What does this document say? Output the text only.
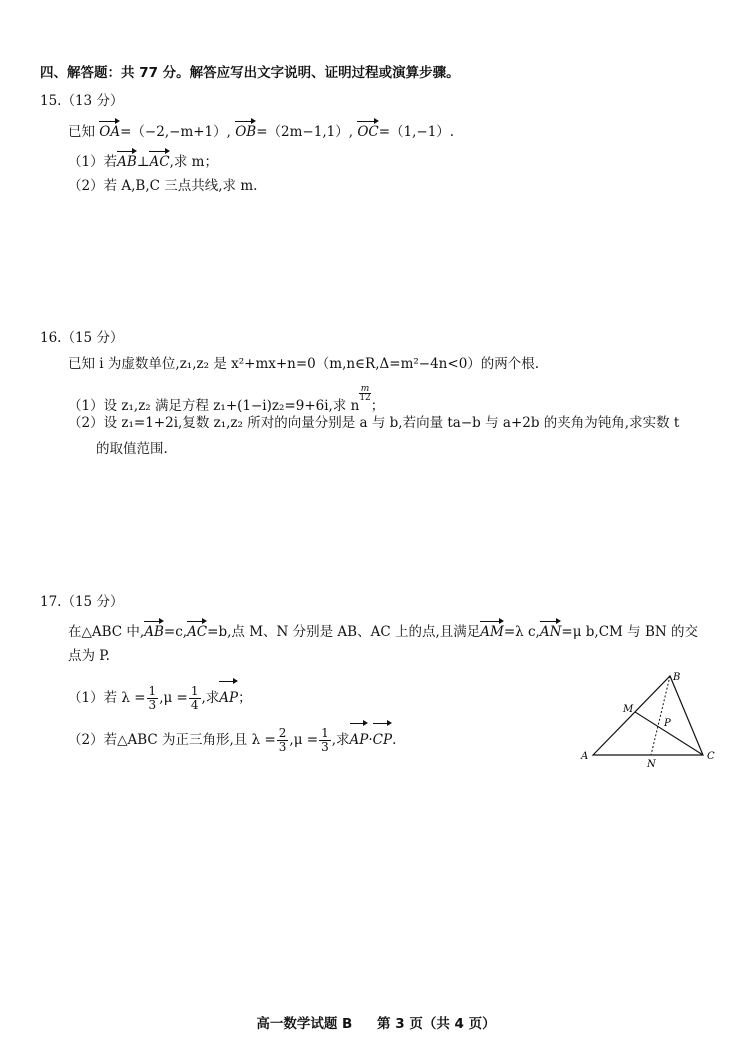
四、解答题：共 77 分。解答应写出文字说明、证明过程或演算步骤。
15.（13 分）
已知 OA=（−2,−m+1）, OB=（2m−1,1）, OC=（1,−1）.
（1）若AB⊥AC,求 m；
（2）若 A,B,C 三点共线,求 m.
16.（15 分）
已知 i 为虚数单位,z₁,z₂ 是 x²+mx+n=0（m,n∈R,Δ=m²−4n<0）的两个根.
（1）设 z₁,z₂ 满足方程 z₁+(1−i)z₂=9+6i,求 n
$^{\frac{m}{12}}$
；
（2）设 z₁=1+2i,复数 z₁,z₂ 所对的向量分别是 a 与 b,若向量 ta−b 与 a+2b 的夹角为钝角,求实数 t
的取值范围.
17.（15 分）
在△ABC 中,AB=c,AC=b,点 M、N 分别是 AB、AC 上的点,且满足AM=λ c,AN=μ b,CM 与 BN 的交
点为 P.
（1）若 $\lambda = \frac{1}{3} ,\mu = \frac{1}{4}$ ,求AP；
（2）若△ABC 为正三角形,且 $\lambda = \frac{2}{3} ,\mu = \frac{1}{3}$ ,求AP·CP.
A
B
C
M
N
P
高一数学试题 B 第 3 页（共 4 页）
